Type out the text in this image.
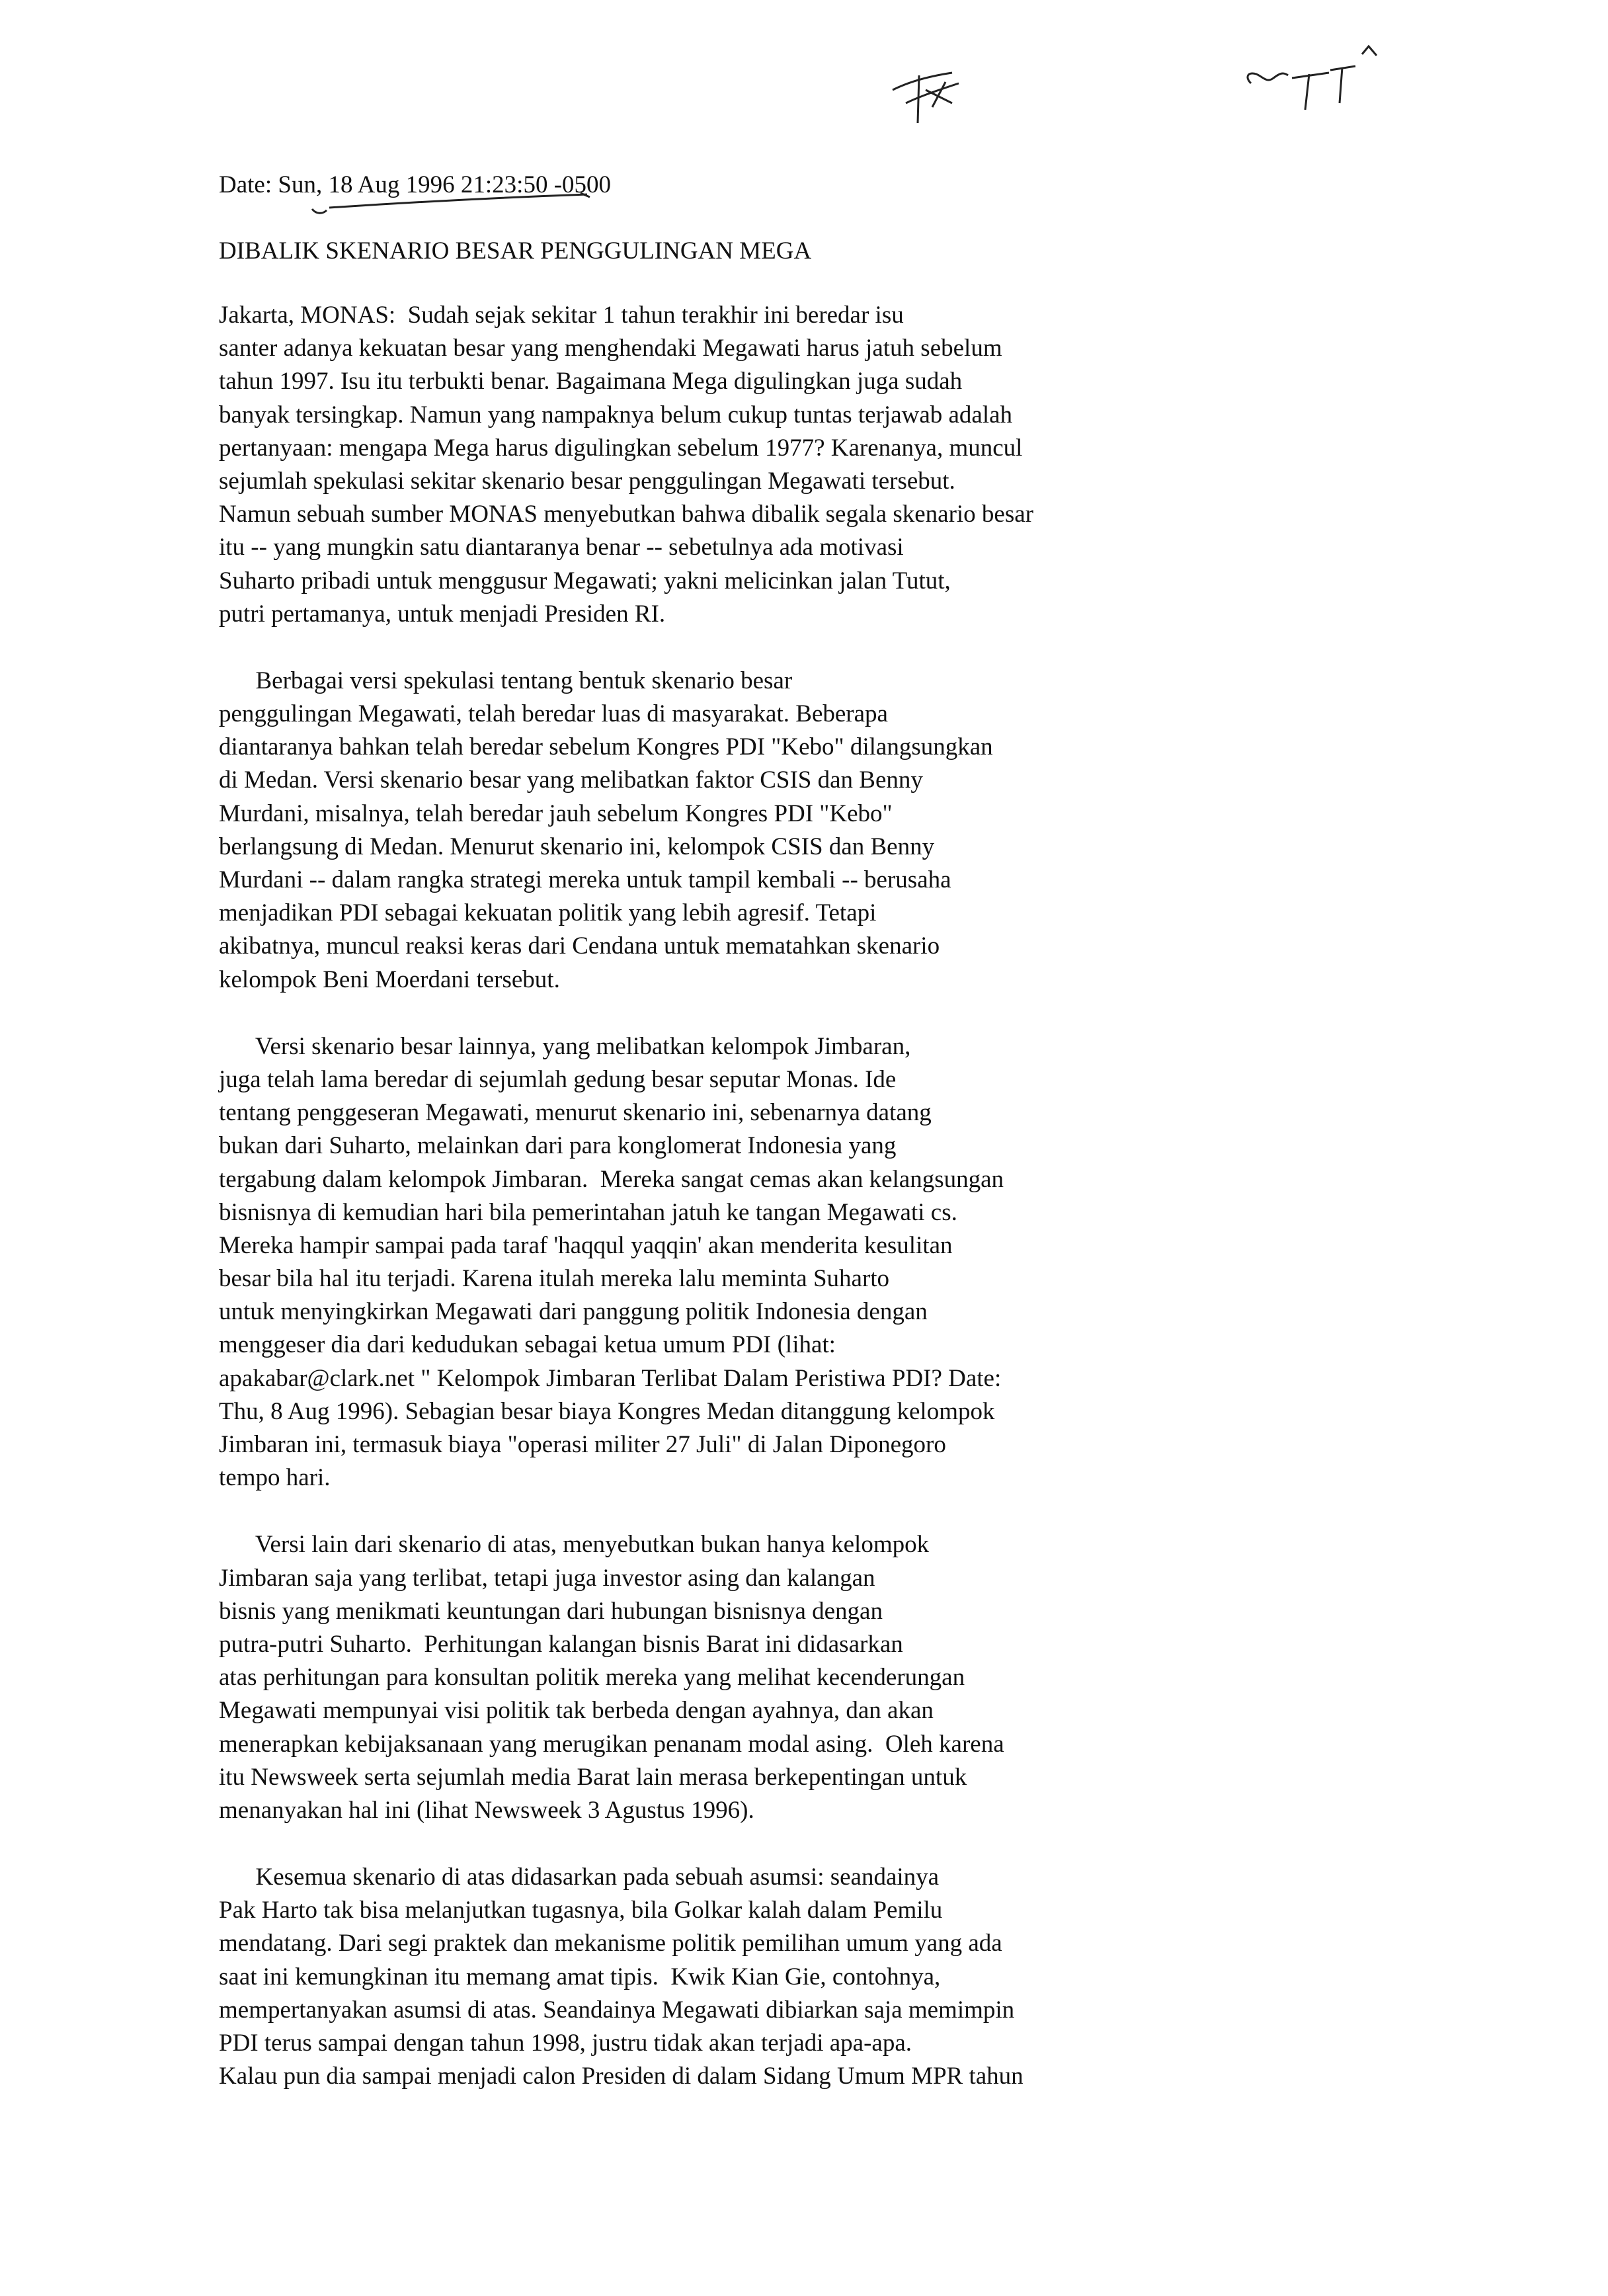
Date: Sun, 18 Aug 1996 21:23:50 -0500
DIBALIK SKENARIO BESAR PENGGULINGAN MEGA
Jakarta, MONAS:  Sudah sejak sekitar 1 tahun terakhir ini beredar isu
santer adanya kekuatan besar yang menghendaki Megawati harus jatuh sebelum
tahun 1997. Isu itu terbukti benar. Bagaimana Mega digulingkan juga sudah
banyak tersingkap. Namun yang nampaknya belum cukup tuntas terjawab adalah
pertanyaan: mengapa Mega harus digulingkan sebelum 1977? Karenanya, muncul
sejumlah spekulasi sekitar skenario besar penggulingan Megawati tersebut.
Namun sebuah sumber MONAS menyebutkan bahwa dibalik segala skenario besar
itu -- yang mungkin satu diantaranya benar -- sebetulnya ada motivasi
Suharto pribadi untuk menggusur Megawati; yakni melicinkan jalan Tutut,
putri pertamanya, untuk menjadi Presiden RI.
Berbagai versi spekulasi tentang bentuk skenario besar
penggulingan Megawati, telah beredar luas di masyarakat. Beberapa
diantaranya bahkan telah beredar sebelum Kongres PDI "Kebo" dilangsungkan
di Medan. Versi skenario besar yang melibatkan faktor CSIS dan Benny
Murdani, misalnya, telah beredar jauh sebelum Kongres PDI "Kebo"
berlangsung di Medan. Menurut skenario ini, kelompok CSIS dan Benny
Murdani -- dalam rangka strategi mereka untuk tampil kembali -- berusaha
menjadikan PDI sebagai kekuatan politik yang lebih agresif. Tetapi
akibatnya, muncul reaksi keras dari Cendana untuk mematahkan skenario
kelompok Beni Moerdani tersebut.
Versi skenario besar lainnya, yang melibatkan kelompok Jimbaran,
juga telah lama beredar di sejumlah gedung besar seputar Monas. Ide
tentang penggeseran Megawati, menurut skenario ini, sebenarnya datang
bukan dari Suharto, melainkan dari para konglomerat Indonesia yang
tergabung dalam kelompok Jimbaran.  Mereka sangat cemas akan kelangsungan
bisnisnya di kemudian hari bila pemerintahan jatuh ke tangan Megawati cs.
Mereka hampir sampai pada taraf 'haqqul yaqqin' akan menderita kesulitan
besar bila hal itu terjadi. Karena itulah mereka lalu meminta Suharto
untuk menyingkirkan Megawati dari panggung politik Indonesia dengan
menggeser dia dari kedudukan sebagai ketua umum PDI (lihat:
apakabar@clark.net " Kelompok Jimbaran Terlibat Dalam Peristiwa PDI? Date:
Thu, 8 Aug 1996). Sebagian besar biaya Kongres Medan ditanggung kelompok
Jimbaran ini, termasuk biaya "operasi militer 27 Juli" di Jalan Diponegoro
tempo hari.
Versi lain dari skenario di atas, menyebutkan bukan hanya kelompok
Jimbaran saja yang terlibat, tetapi juga investor asing dan kalangan
bisnis yang menikmati keuntungan dari hubungan bisnisnya dengan
putra-putri Suharto.  Perhitungan kalangan bisnis Barat ini didasarkan
atas perhitungan para konsultan politik mereka yang melihat kecenderungan
Megawati mempunyai visi politik tak berbeda dengan ayahnya, dan akan
menerapkan kebijaksanaan yang merugikan penanam modal asing.  Oleh karena
itu Newsweek serta sejumlah media Barat lain merasa berkepentingan untuk
menanyakan hal ini (lihat Newsweek 3 Agustus 1996).
Kesemua skenario di atas didasarkan pada sebuah asumsi: seandainya
Pak Harto tak bisa melanjutkan tugasnya, bila Golkar kalah dalam Pemilu
mendatang. Dari segi praktek dan mekanisme politik pemilihan umum yang ada
saat ini kemungkinan itu memang amat tipis.  Kwik Kian Gie, contohnya,
mempertanyakan asumsi di atas. Seandainya Megawati dibiarkan saja memimpin
PDI terus sampai dengan tahun 1998, justru tidak akan terjadi apa-apa.
Kalau pun dia sampai menjadi calon Presiden di dalam Sidang Umum MPR tahun
